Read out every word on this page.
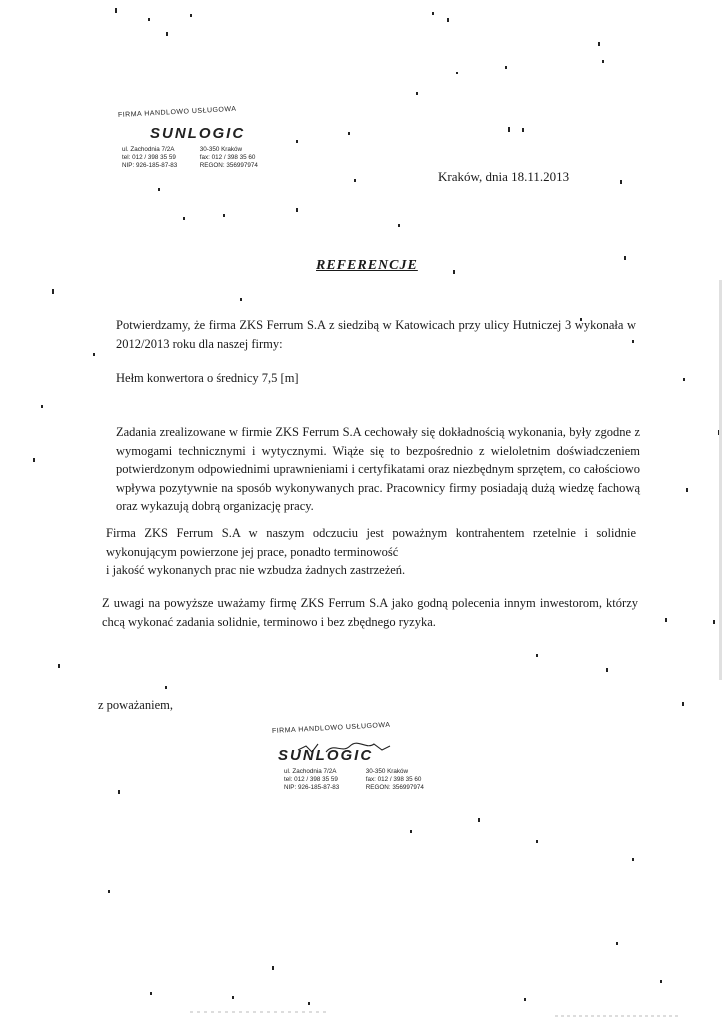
FIRMA HANDLOWO USŁUGOWA
SUNLOGIC
ul. Zachodnia 7/2A	30-350 Kraków
tel: 012 / 398 35 59	fax: 012 / 398 35 60
NIP: 926-185-87-83	REGON: 356997974
Kraków, dnia 18.11.2013
REFERENCJE
Potwierdzamy, że firma ZKS Ferrum S.A z siedzibą w Katowicach przy ulicy Hutniczej 3 wykonała w 2012/2013 roku dla naszej firmy:
Hełm konwertora o średnicy 7,5 [m]
Zadania zrealizowane w firmie ZKS Ferrum S.A cechowały się dokładnością wykonania, były zgodne z wymogami technicznymi i wytycznymi. Wiąże się to bezpośrednio z wieloletnim doświadczeniem potwierdzonym odpowiednimi uprawnieniami i certyfikatami oraz niezbędnym sprzętem, co całościowo wpływa pozytywnie na sposób wykonywanych prac. Pracownicy firmy posiadają dużą wiedzę fachową oraz wykazują dobrą organizację pracy.
Firma ZKS Ferrum S.A w naszym odczuciu jest poważnym kontrahentem rzetelnie i solidnie wykonującym powierzone jej prace, ponadto terminowość
i jakość wykonanych prac nie wzbudza żadnych zastrzeżeń.
Z uwagi na powyższe uważamy firmę ZKS Ferrum S.A jako godną polecenia innym inwestorom, którzy chcą wykonać zadania solidnie, terminowo i bez zbędnego ryzyka.
z poważaniem,
FIRMA HANDLOWO USŁUGOWA
SUNLOGIC
ul. Zachodnia 7/2A	30-350 Kraków
tel: 012 / 398 35 59	fax: 012 / 398 35 60
NIP: 926-185-87-83	REGON: 356997974
